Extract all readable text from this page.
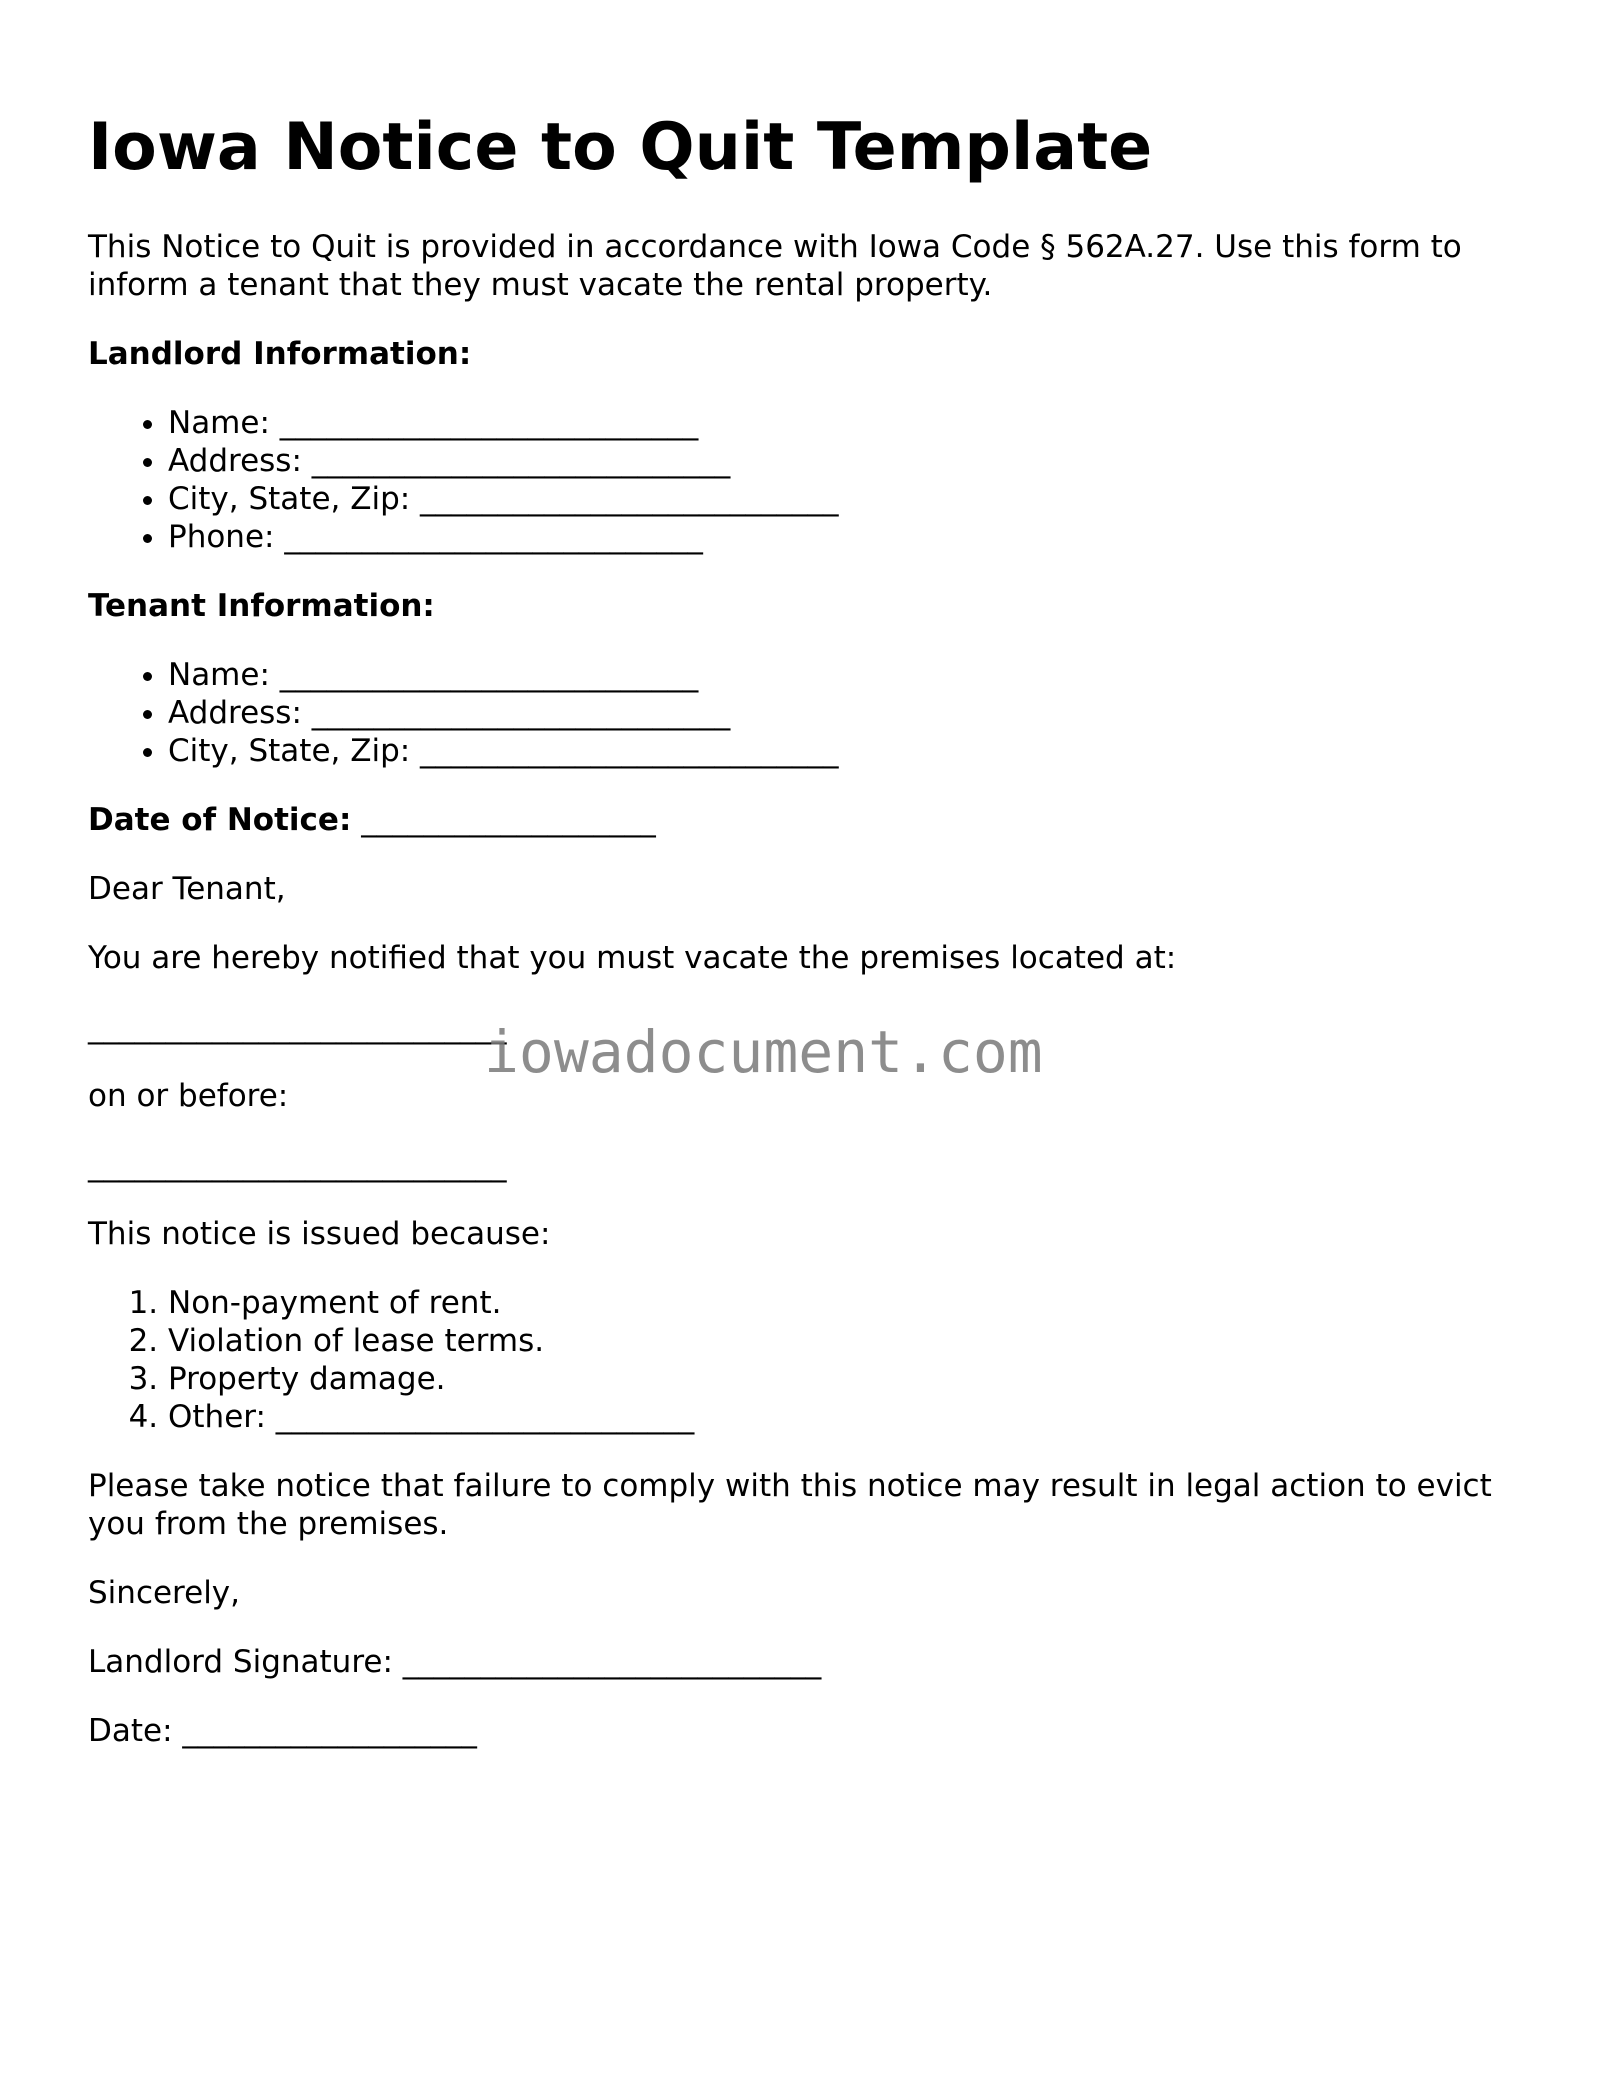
Iowa Notice to Quit Template

This Notice to Quit is provided in accordance with Iowa Code § 562A.27. Use this form to inform a tenant that they must vacate the rental property.

Landlord Information:
• Name: ___________________________
• Address: ___________________________
• City, State, Zip: ___________________________
• Phone: ___________________________
Tenant Information:
• Name: ___________________________
• Address: ___________________________
• City, State, Zip: ___________________________

Date of Notice: ___________________

Dear Tenant,

You are hereby notified that you must vacate the premises located at:

___________________________

on or before:

___________________________

This notice is issued because:

1. Non-payment of rent.
2. Violation of lease terms.
3. Property damage.
4. Other: ___________________________

Please take notice that failure to comply with this notice may result in legal action to evict you from the premises.

Sincerely,

Landlord Signature: ___________________________

Date: ___________________

iowadocument.com
